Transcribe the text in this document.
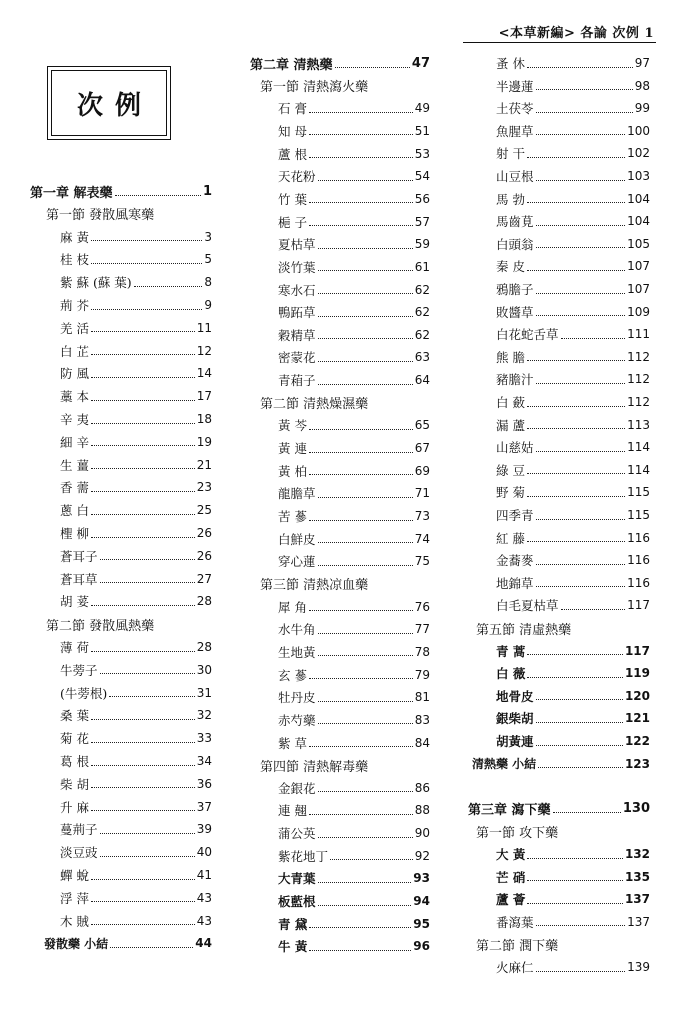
<本草新編> 各論 次例 1
次例
第一章 解表藥	1
第一節 發散風寒藥
麻 黃	3
桂 枝	5
紫 蘇 (蘇 葉)	8
荊 芥	9
羌 活	11
白 芷	12
防 風	14
藁 本	17
辛 夷	18
細 辛	19
生 薑	21
香 薷	23
蔥 白	25
檉 柳	26
蒼耳子	26
蒼耳草	27
胡 荽	28
第二節 發散風熱藥
薄 荷	28
牛蒡子	30
(牛蒡根)	31
桑 葉	32
菊 花	33
葛 根	34
柴 胡	36
升 麻	37
蔓荊子	39
淡豆豉	40
蟬 蛻	41
浮 萍	43
木 賊	43
發散藥 小結	44
第二章 清熱藥	47
第一節 清熱瀉火藥
石 膏	49
知 母	51
蘆 根	53
天花粉	54
竹 葉	56
梔 子	57
夏枯草	59
淡竹葉	61
寒水石	62
鴨跖草	62
穀精草	62
密蒙花	63
青葙子	64
第二節 清熱燥濕藥
黃 芩	65
黃 連	67
黃 柏	69
龍膽草	71
苦 蔘	73
白鮮皮	74
穿心蓮	75
第三節 清熱凉血藥
犀 角	76
水牛角	77
生地黃	78
玄 蔘	79
牡丹皮	81
赤芍藥	83
紫 草	84
第四節 清熱解毒藥
金銀花	86
連 翹	88
蒲公英	90
紫花地丁	92
大青葉	93
板藍根	94
青 黛	95
牛 黃	96
蚤 休	97
半邊蓮	98
土茯苓	99
魚腥草	100
射 干	102
山豆根	103
馬 勃	104
馬齒莧	104
白頭翁	105
秦 皮	107
鴉膽子	107
敗醬草	109
白花蛇舌草	111
熊 膽	112
豬膽汁	112
白 蘞	112
漏 蘆	113
山慈姑	114
綠 豆	114
野 菊	115
四季青	115
紅 藤	116
金蕎麥	116
地錦草	116
白毛夏枯草	117
第五節 清虛熱藥
青 蒿	117
白 薇	119
地骨皮	120
銀柴胡	121
胡黃連	122
清熱藥 小結	123
第三章 瀉下藥	130
第一節 攻下藥
大 黃	132
芒 硝	135
蘆 薈	137
番瀉葉	137
第二節 潤下藥
火麻仁	139
